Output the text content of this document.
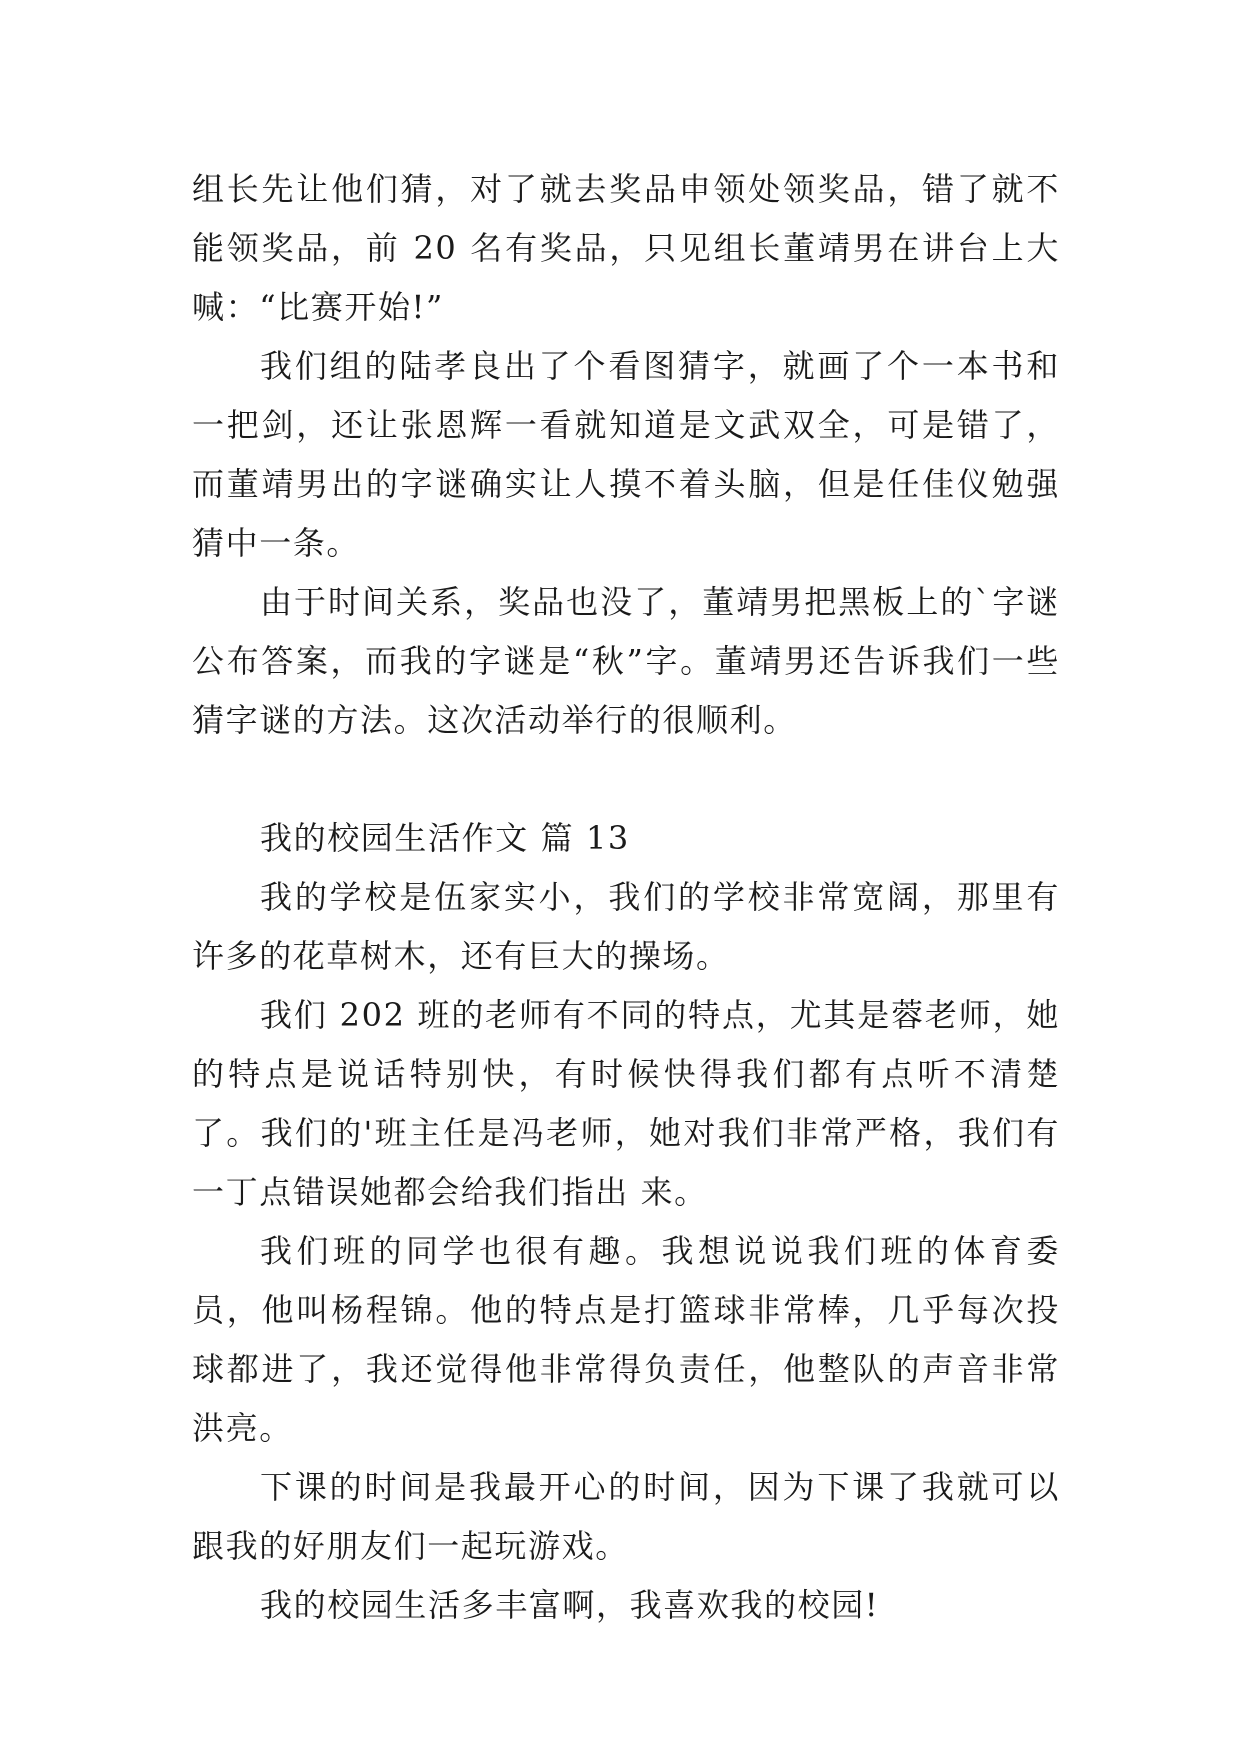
组长先让他们猜，对了就去奖品申领处领奖品，错了就不能领奖品，前 20 名有奖品，只见组长董靖男在讲台上大喊：“比赛开始!”

我们组的陆孝良出了个看图猜字，就画了个一本书和一把剑，还让张恩辉一看就知道是文武双全，可是错了，而董靖男出的字谜确实让人摸不着头脑，但是任佳仪勉强猜中一条。

由于时间关系，奖品也没了，董靖男把黑板上的`字谜公布答案，而我的字谜是“秋”字。董靖男还告诉我们一些猜字谜的方法。这次活动举行的很顺利。

我的校园生活作文 篇 13

我的学校是伍家实小，我们的学校非常宽阔，那里有许多的花草树木，还有巨大的操场。

我们 202 班的老师有不同的特点，尤其是蓉老师，她的特点是说话特别快，有时候快得我们都有点听不清楚了。我们的'班主任是冯老师，她对我们非常严格，我们有一丁点错误她都会给我们指出 来。

我们班的同学也很有趣。我想说说我们班的体育委员，他叫杨程锦。他的特点是打篮球非常棒，几乎每次投球都进了，我还觉得他非常得负责任，他整队的声音非常洪亮。

下课的时间是我最开心的时间，因为下课了我就可以跟我的好朋友们一起玩游戏。

我的校园生活多丰富啊，我喜欢我的校园!
